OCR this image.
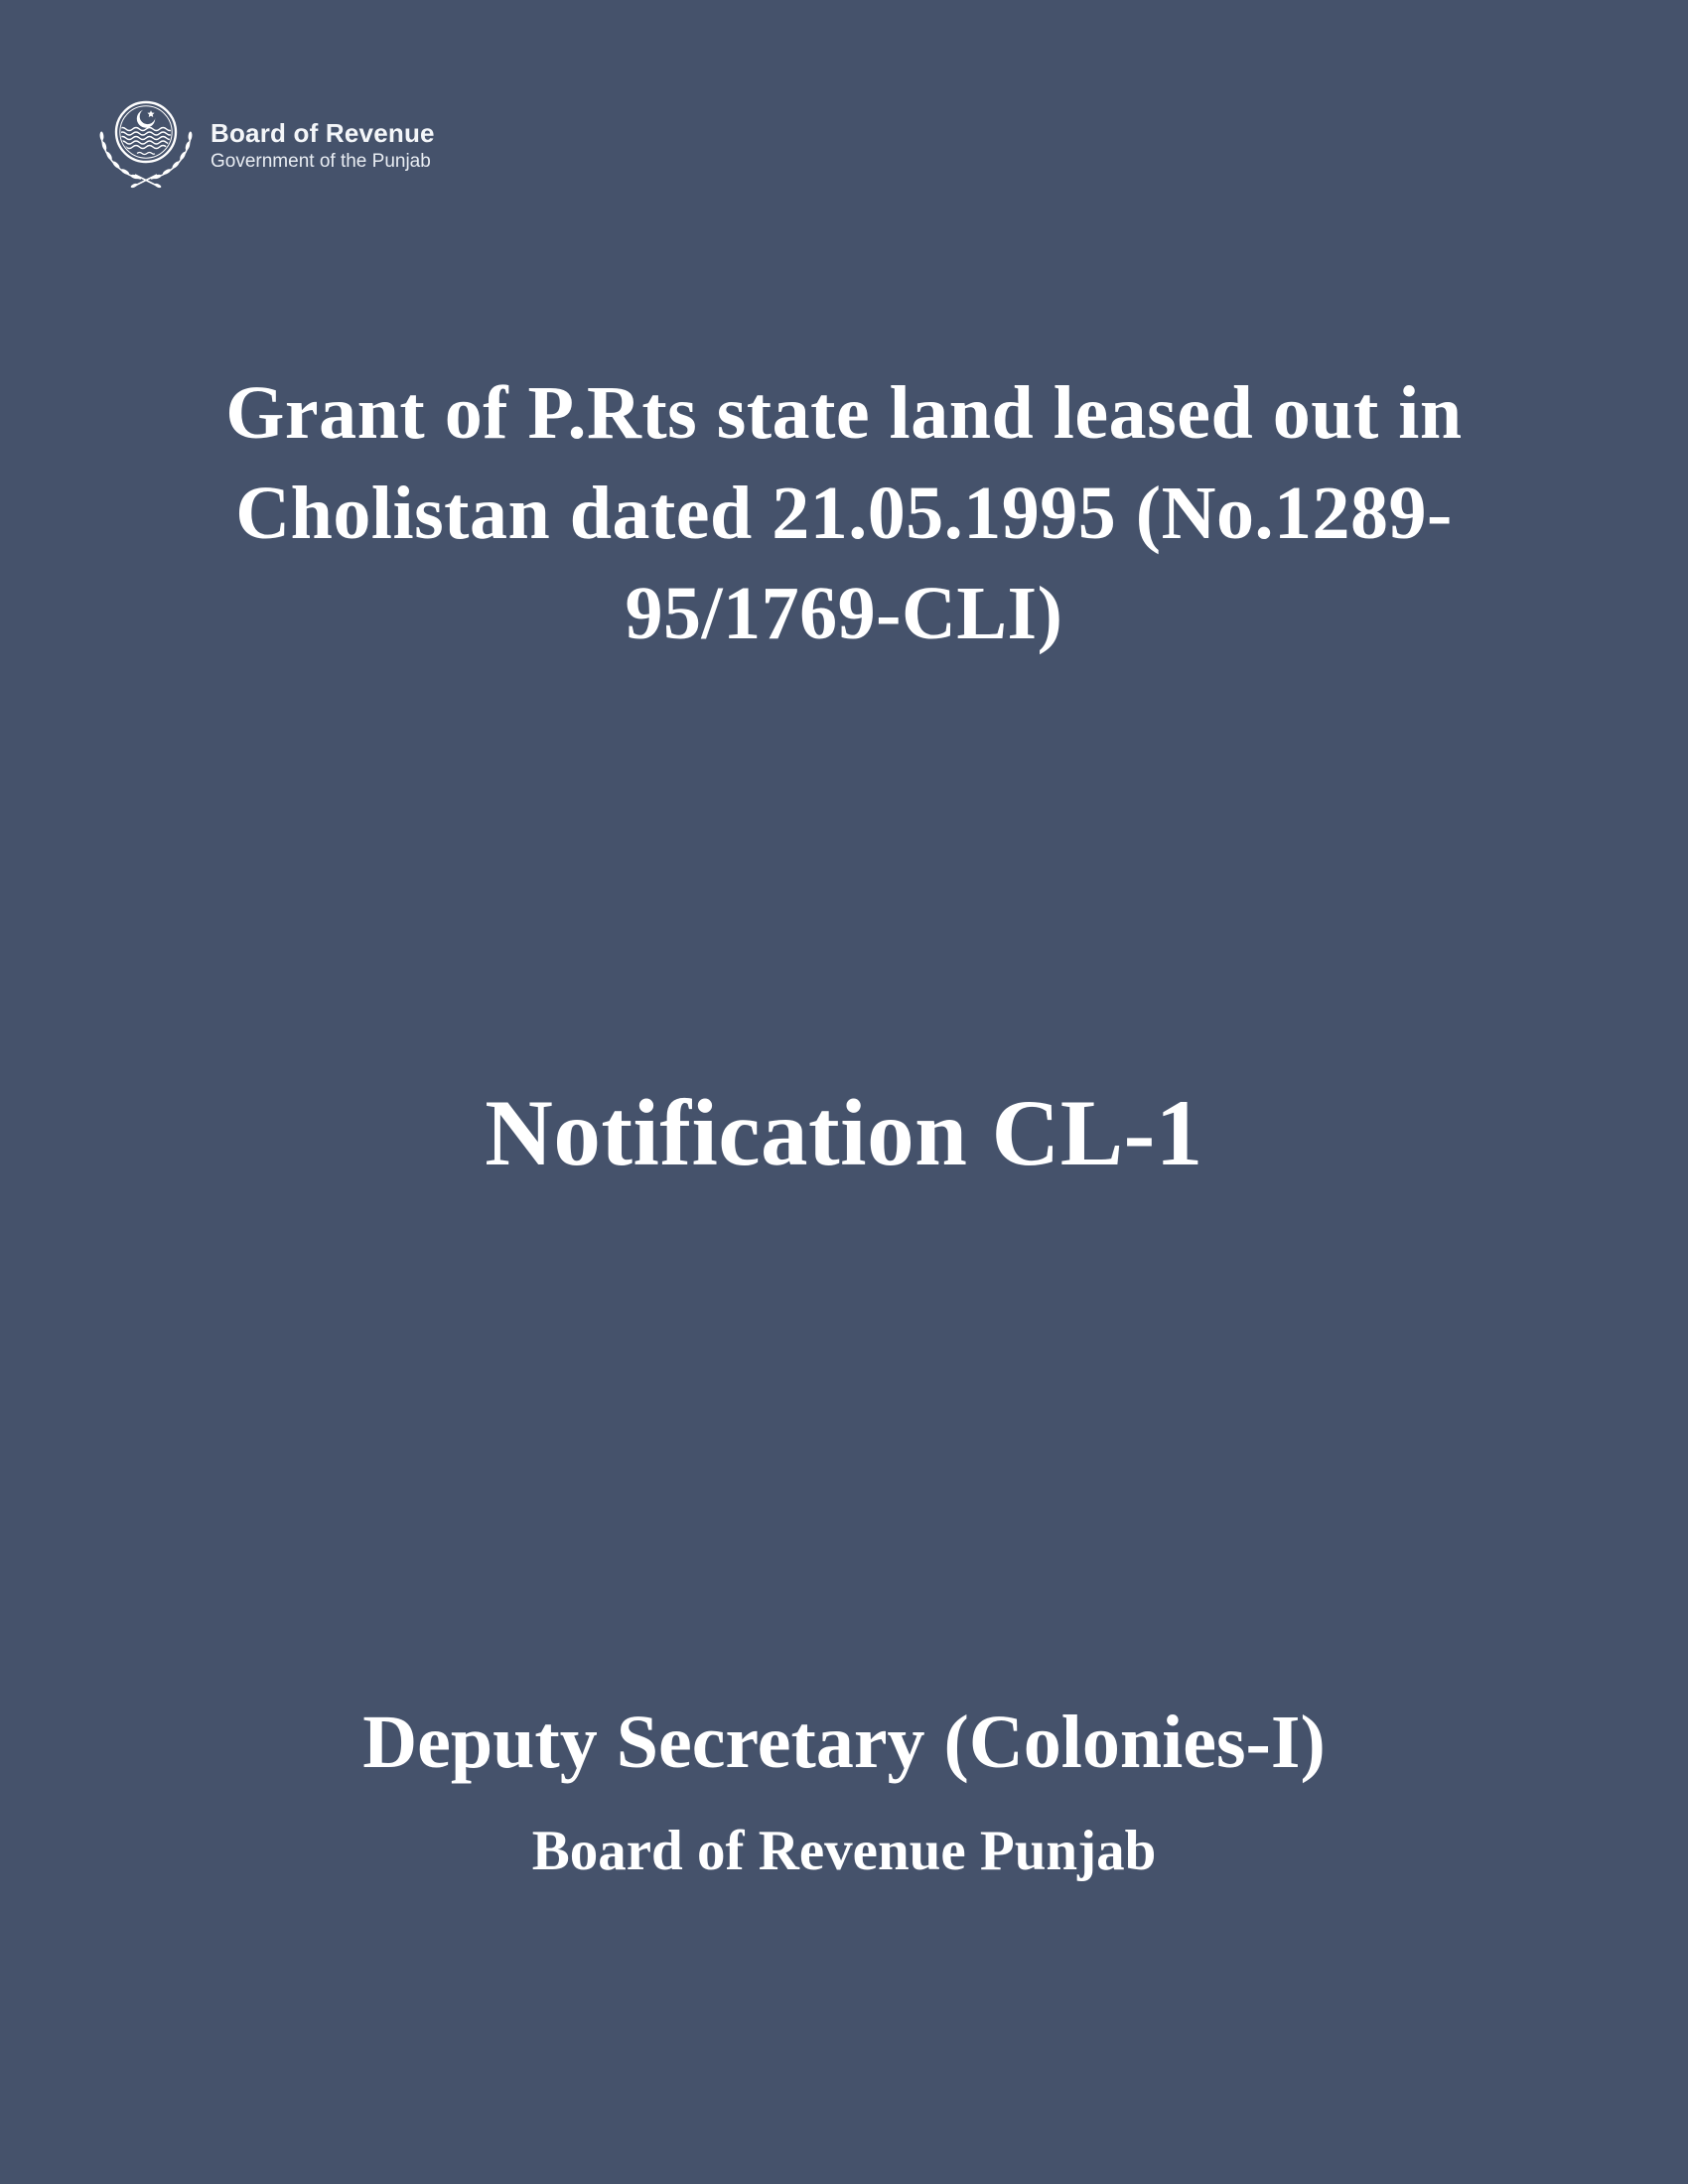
Board of Revenue
Government of the Punjab
Grant of P.Rts state land leased out in
Cholistan dated 21.05.1995 (No.1289-
95/1769-CLI)
Notification CL-1
Deputy Secretary (Colonies-I)
Board of Revenue Punjab
